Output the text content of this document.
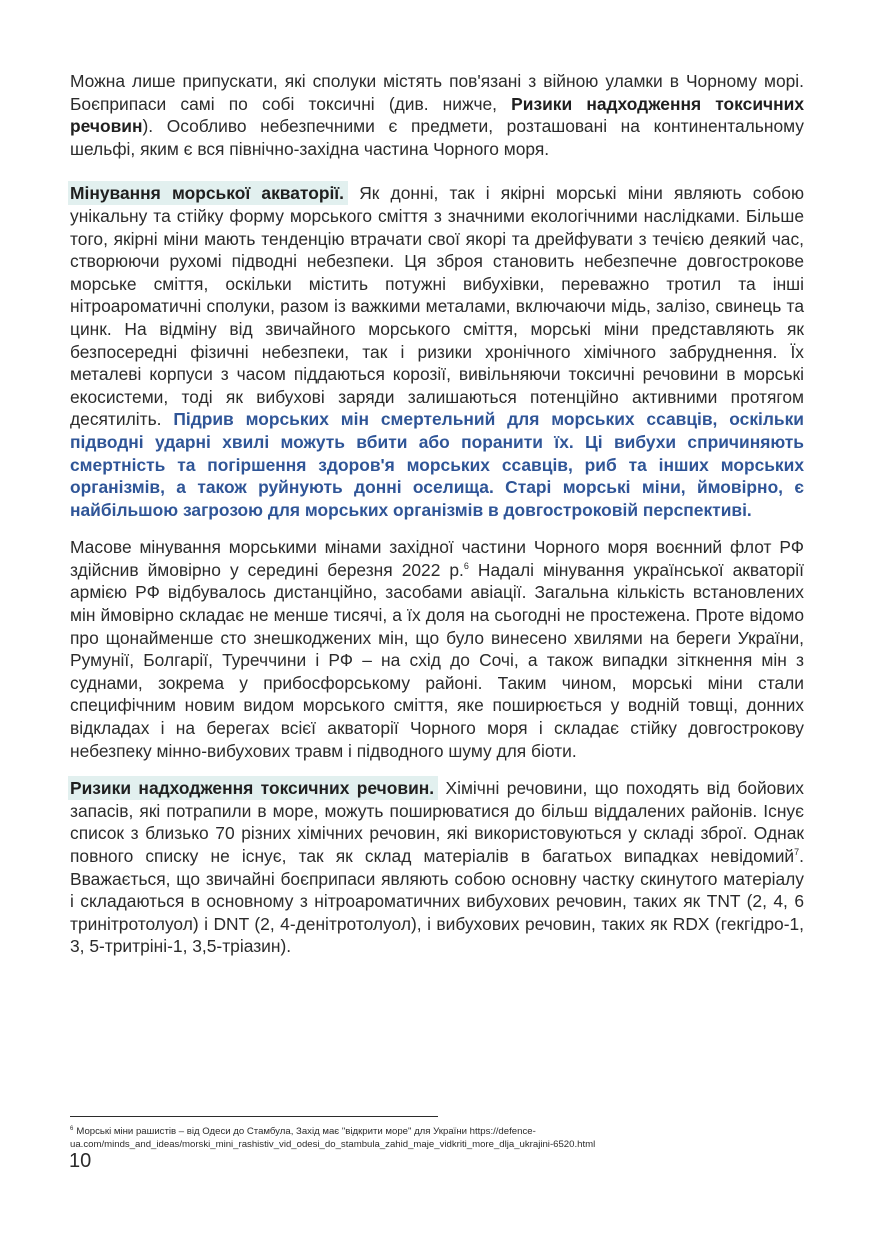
Можна лише припускати, які сполуки містять пов'язані з війною уламки в Чорному морі. Боєприпаси самі по собі токсичні (див. нижче, Ризики надходження токсичних речовин). Особливо небезпечними є предмети, розташовані на континентальному шельфі, яким є вся північно-західна частина Чорного моря.

Мінування морської акваторії. Як донні, так і якірні морські міни являють собою унікальну та стійку форму морського сміття з значними екологічними наслідками. Більше того, якірні міни мають тенденцію втрачати свої якорі та дрейфувати з течією деякий час, створюючи рухомі підводні небезпеки. Ця зброя становить небезпечне довгострокове морське сміття, оскільки містить потужні вибухівки, переважно тротил та інші нітроароматичні сполуки, разом із важкими металами, включаючи мідь, залізо, свинець та цинк. На відміну від звичайного морського сміття, морські міни представляють як безпосередні фізичні небезпеки, так і ризики хронічного хімічного забруднення. Їх металеві корпуси з часом піддаються корозії, вивільняючи токсичні речовини в морські екосистеми, тоді як вибухові заряди залишаються потенційно активними протягом десятиліть. Підрив морських мін смертельний для морських ссавців, оскільки підводні ударні хвилі можуть вбити або поранити їх. Ці вибухи спричиняють смертність та погіршення здоров'я морських ссавців, риб та інших морських організмів, а також руйнують донні оселища. Старі морські міни, ймовірно, є найбільшою загрозою для морських організмів в довгостроковій перспективі.

Масове мінування морськими мінами західної частини Чорного моря воєнний флот РФ здійснив ймовірно у середині березня 2022 р.$^6$ Надалі мінування української акваторії армією РФ відбувалось дистанційно, засобами авіації. Загальна кількість встановлених мін ймовірно складає не менше тисячі, а їх доля на сьогодні не простежена. Проте відомо про щонайменше сто знешкоджених мін, що було винесено хвилями на береги України, Румунії, Болгарії, Туреччини і РФ – на схід до Сочі, а також випадки зіткнення мін з суднами, зокрема у прибосфорському районі. Таким чином, морські міни стали специфічним новим видом морського сміття, яке поширюється у водній товщі, донних відкладах і на берегах всієї акваторії Чорного моря і складає стійку довгострокову небезпеку мінно-вибухових травм і підводного шуму для біоти.

Ризики надходження токсичних речовин. Хімічні речовини, що походять від бойових запасів, які потрапили в море, можуть поширюватися до більш віддалених районів. Існує список з близько 70 різних хімічних речовин, які використовуються у складі зброї. Однак повного списку не існує, так як склад матеріалів в багатьох випадках невідомий$^7$. Вважається, що звичайні боєприпаси являють собою основну частку скинутого матеріалу і складаються в основному з нітроароматичних вибухових речовин, таких як TNT (2, 4, 6 тринітротолуол) і DNT (2, 4-денітротолуол), і вибухових речовин, таких як RDX (гекгідро-1, 3, 5-тритріні-1, 3,5-тріазин).

$^6$ Морські міни рашистів – від Одеси до Стамбула, Захід має "відкрити море" для України https://defence-ua.com/minds_and_ideas/morski_mini_rashistiv_vid_odesi_do_stambula_zahid_maje_vidkriti_more_dlja_ukrajini-6520.html
10
